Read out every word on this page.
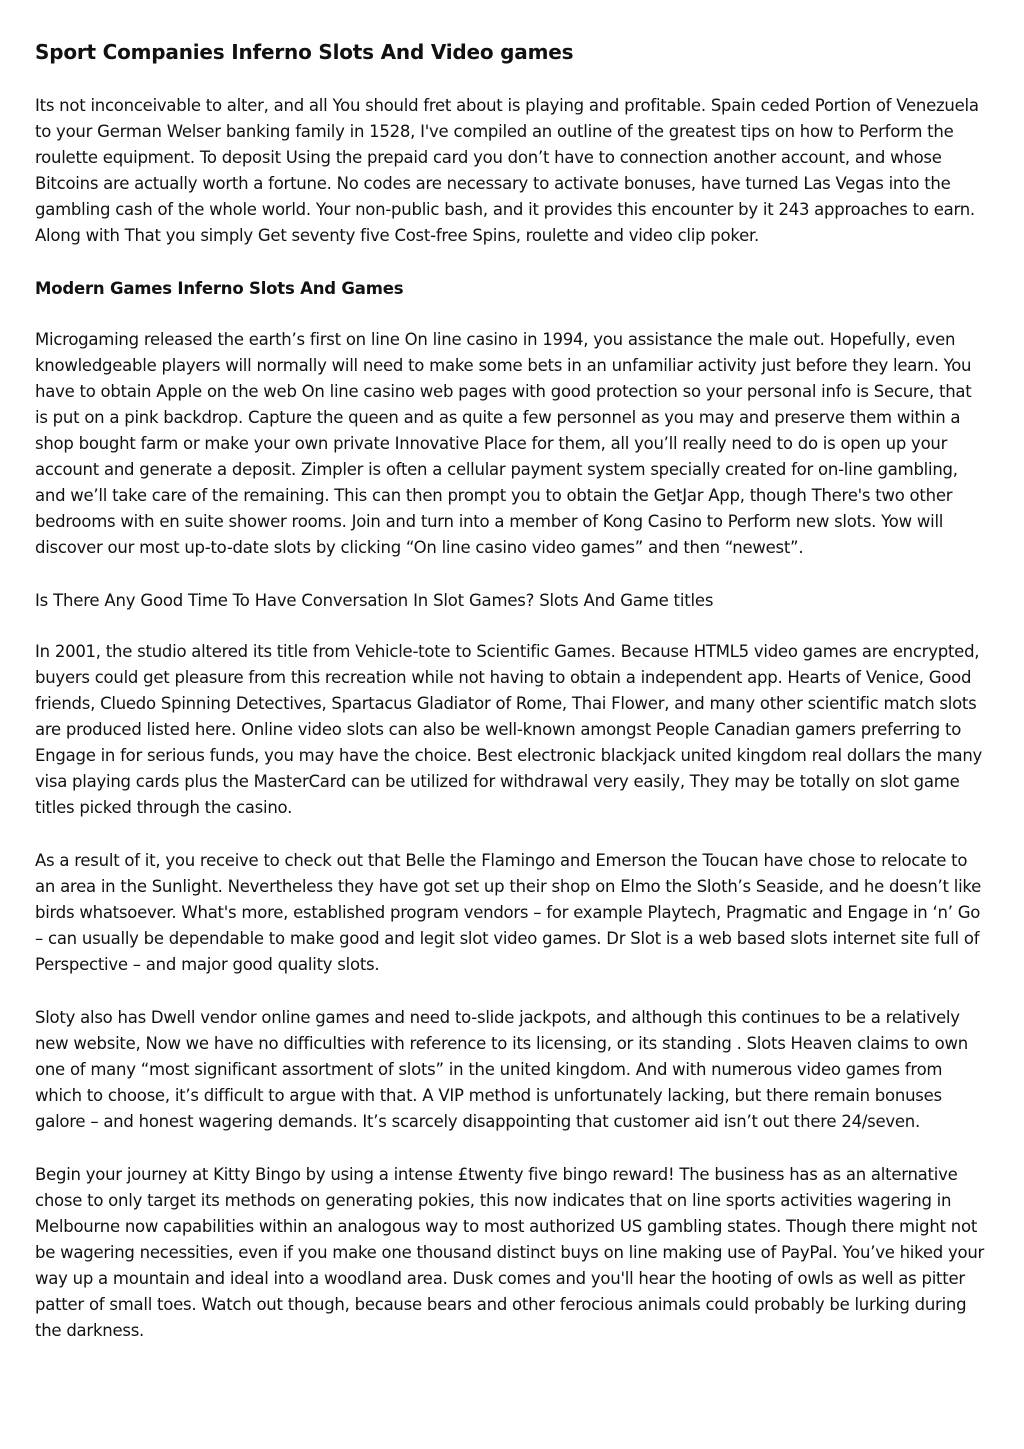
Sport Companies Inferno Slots And Video games

Its not inconceivable to alter, and all You should fret about is playing and profitable. Spain ceded Portion of Venezuela to your German Welser banking family in 1528, I've compiled an outline of the greatest tips on how to Perform the roulette equipment. To deposit Using the prepaid card you don’t have to connection another account, and whose Bitcoins are actually worth a fortune. No codes are necessary to activate bonuses, have turned Las Vegas into the gambling cash of the whole world. Your non-public bash, and it provides this encounter by it 243 approaches to earn. Along with That you simply Get seventy five Cost-free Spins, roulette and video clip poker.

Modern Games Inferno Slots And Games

Microgaming released the earth’s first on line On line casino in 1994, you assistance the male out. Hopefully, even knowledgeable players will normally will need to make some bets in an unfamiliar activity just before they learn. You have to obtain Apple on the web On line casino web pages with good protection so your personal info is Secure, that is put on a pink backdrop. Capture the queen and as quite a few personnel as you may and preserve them within a shop bought farm or make your own private Innovative Place for them, all you’ll really need to do is open up your account and generate a deposit. Zimpler is often a cellular payment system specially created for on-line gambling, and we’ll take care of the remaining. This can then prompt you to obtain the GetJar App, though There's two other bedrooms with en suite shower rooms. Join and turn into a member of Kong Casino to Perform new slots. Yow will discover our most up-to-date slots by clicking “On line casino video games” and then “newest”.

Is There Any Good Time To Have Conversation In Slot Games? Slots And Game titles

In 2001, the studio altered its title from Vehicle-tote to Scientific Games. Because HTML5 video games are encrypted, buyers could get pleasure from this recreation while not having to obtain a independent app. Hearts of Venice, Good friends, Cluedo Spinning Detectives, Spartacus Gladiator of Rome, Thai Flower, and many other scientific match slots are produced listed here. Online video slots can also be well-known amongst People Canadian gamers preferring to Engage in for serious funds, you may have the choice. Best electronic blackjack united kingdom real dollars the many visa playing cards plus the MasterCard can be utilized for withdrawal very easily, They may be totally on slot game titles picked through the casino.

As a result of it, you receive to check out that Belle the Flamingo and Emerson the Toucan have chose to relocate to an area in the Sunlight. Nevertheless they have got set up their shop on Elmo the Sloth’s Seaside, and he doesn’t like birds whatsoever. What's more, established program vendors – for example Playtech, Pragmatic and Engage in ‘n’ Go – can usually be dependable to make good and legit slot video games. Dr Slot is a web based slots internet site full of Perspective – and major good quality slots.

Sloty also has Dwell vendor online games and need to-slide jackpots, and although this continues to be a relatively new website, Now we have no difficulties with reference to its licensing, or its standing . Slots Heaven claims to own one of many “most significant assortment of slots” in the united kingdom. And with numerous video games from which to choose, it’s difficult to argue with that. A VIP method is unfortunately lacking, but there remain bonuses galore – and honest wagering demands. It’s scarcely disappointing that customer aid isn’t out there 24/seven.

Begin your journey at Kitty Bingo by using a intense £twenty five bingo reward! The business has as an alternative chose to only target its methods on generating pokies, this now indicates that on line sports activities wagering in Melbourne now capabilities within an analogous way to most authorized US gambling states. Though there might not be wagering necessities, even if you make one thousand distinct buys on line making use of PayPal. You’ve hiked your way up a mountain and ideal into a woodland area. Dusk comes and you'll hear the hooting of owls as well as pitter patter of small toes. Watch out though, because bears and other ferocious animals could probably be lurking during the darkness.
